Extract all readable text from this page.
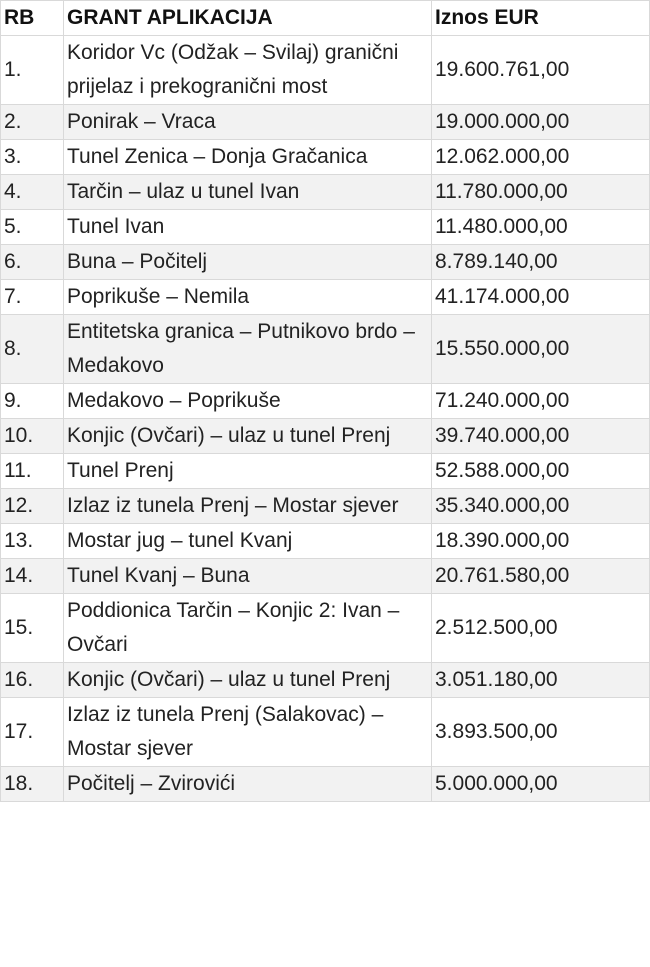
RB	GRANT APLIKACIJA	Iznos EUR
1.	Koridor Vc (Odžak – Svilaj) granični prijelaz i prekogranični most	19.600.761,00
2.	Ponirak – Vraca	19.000.000,00
3.	Tunel Zenica – Donja Gračanica	12.062.000,00
4.	Tarčin – ulaz u tunel Ivan	11.780.000,00
5.	Tunel Ivan	11.480.000,00
6.	Buna – Počitelj	8.789.140,00
7.	Poprikuše – Nemila	41.174.000,00
8.	Entitetska granica – Putnikovo brdo – Medakovo	15.550.000,00
9.	Medakovo – Poprikuše	71.240.000,00
10.	Konjic (Ovčari) – ulaz u tunel Prenj	39.740.000,00
11.	Tunel Prenj	52.588.000,00
12.	Izlaz iz tunela Prenj – Mostar sjever	35.340.000,00
13.	Mostar jug – tunel Kvanj	18.390.000,00
14.	Tunel Kvanj – Buna	20.761.580,00
15.	Poddionica Tarčin – Konjic 2: Ivan – Ovčari	2.512.500,00
16.	Konjic (Ovčari) – ulaz u tunel Prenj	3.051.180,00
17.	Izlaz iz tunela Prenj (Salakovac) – Mostar sjever	3.893.500,00
18.	Počitelj – Zvirovići	5.000.000,00
